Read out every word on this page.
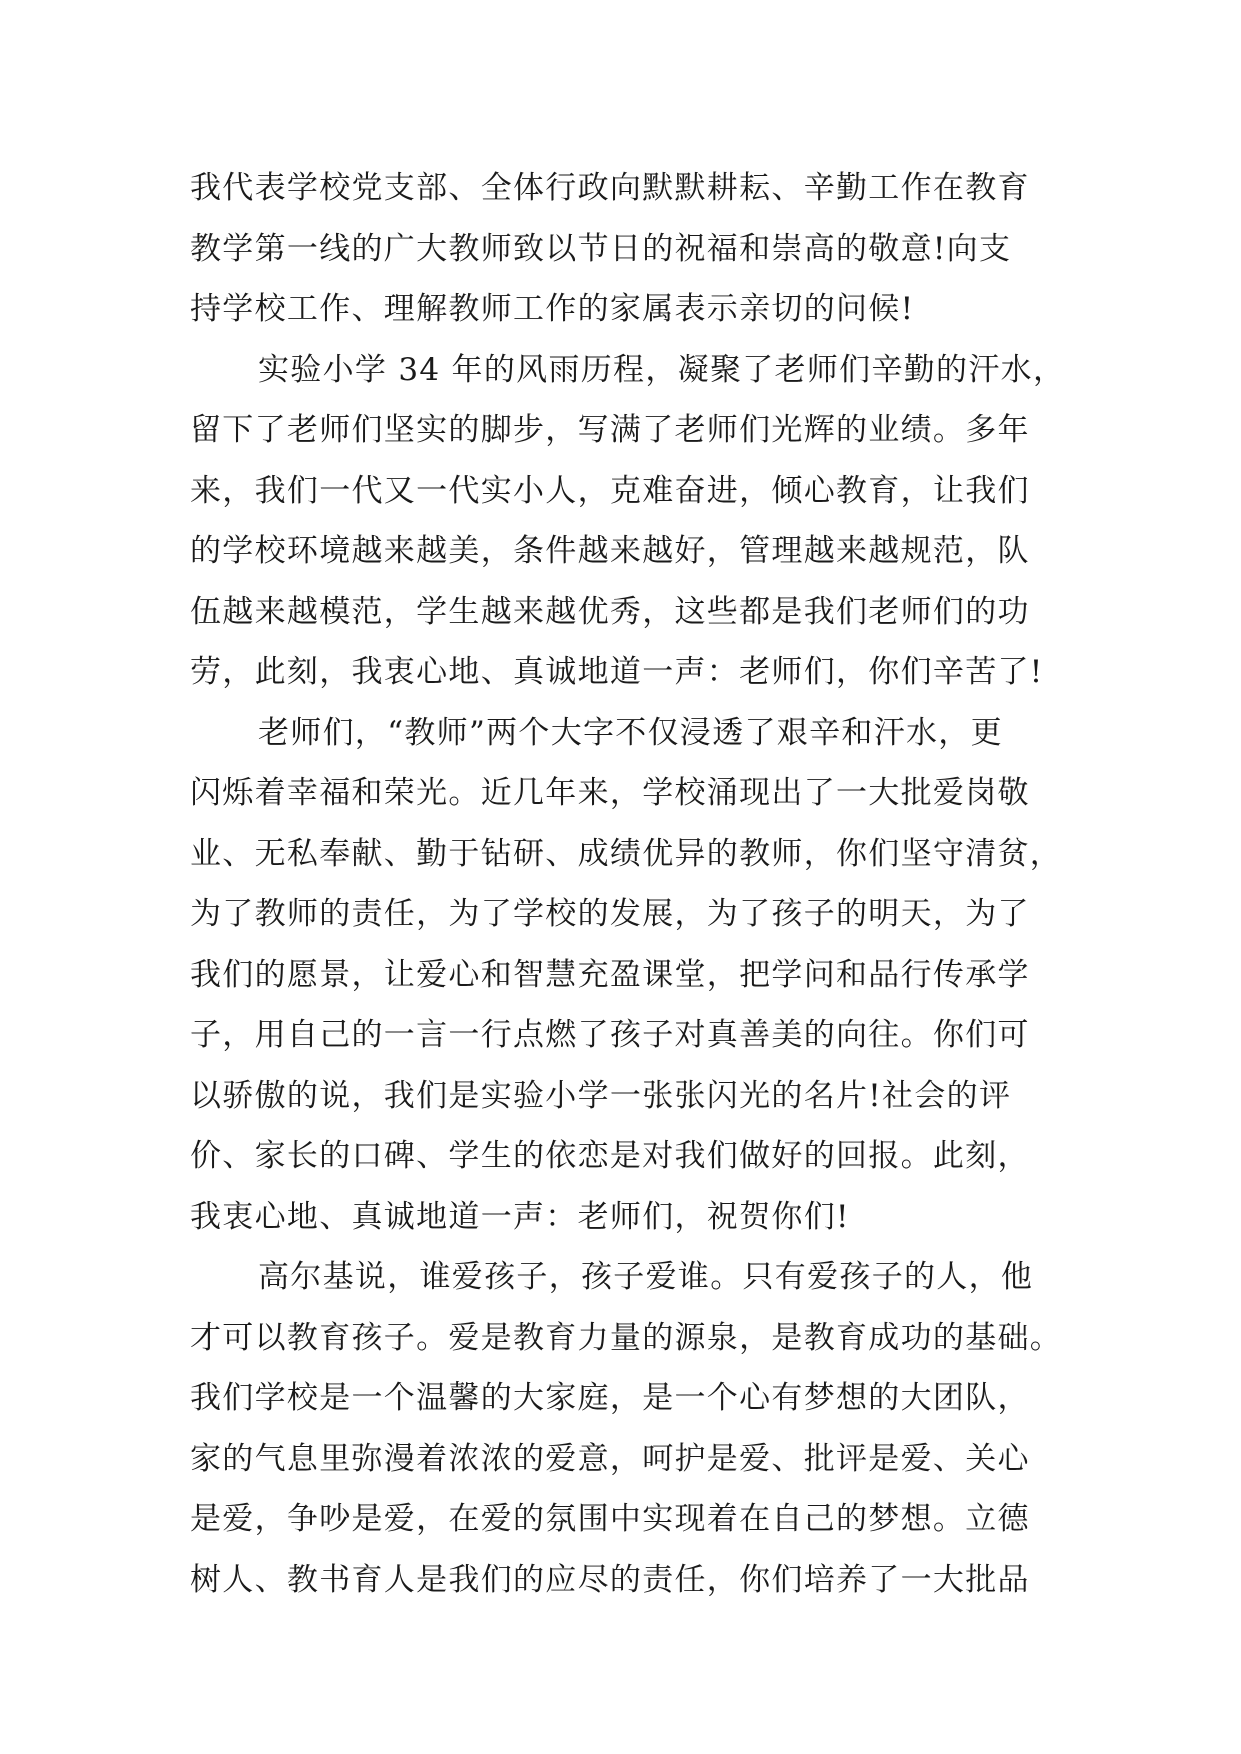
我代表学校党支部、全体行政向默默耕耘、辛勤工作在教育
教学第一线的广大教师致以节日的祝福和崇高的敬意!向支
持学校工作、理解教师工作的家属表示亲切的问候!
实验小学 34 年的风雨历程，凝聚了老师们辛勤的汗水，
留下了老师们坚实的脚步，写满了老师们光辉的业绩。多年
来，我们一代又一代实小人，克难奋进，倾心教育，让我们
的学校环境越来越美，条件越来越好，管理越来越规范，队
伍越来越模范，学生越来越优秀，这些都是我们老师们的功
劳，此刻，我衷心地、真诚地道一声：老师们，你们辛苦了!
老师们，“教师”两个大字不仅浸透了艰辛和汗水，更
闪烁着幸福和荣光。近几年来，学校涌现出了一大批爱岗敬
业、无私奉献、勤于钻研、成绩优异的教师，你们坚守清贫，
为了教师的责任，为了学校的发展，为了孩子的明天，为了
我们的愿景，让爱心和智慧充盈课堂，把学问和品行传承学
子，用自己的一言一行点燃了孩子对真善美的向往。你们可
以骄傲的说，我们是实验小学一张张闪光的名片!社会的评
价、家长的口碑、学生的依恋是对我们做好的回报。此刻，
我衷心地、真诚地道一声：老师们，祝贺你们!
高尔基说，谁爱孩子，孩子爱谁。只有爱孩子的人，他
才可以教育孩子。爱是教育力量的源泉，是教育成功的基础。
我们学校是一个温馨的大家庭，是一个心有梦想的大团队，
家的气息里弥漫着浓浓的爱意，呵护是爱、批评是爱、关心
是爱，争吵是爱，在爱的氛围中实现着在自己的梦想。立德
树人、教书育人是我们的应尽的责任，你们培养了一大批品
